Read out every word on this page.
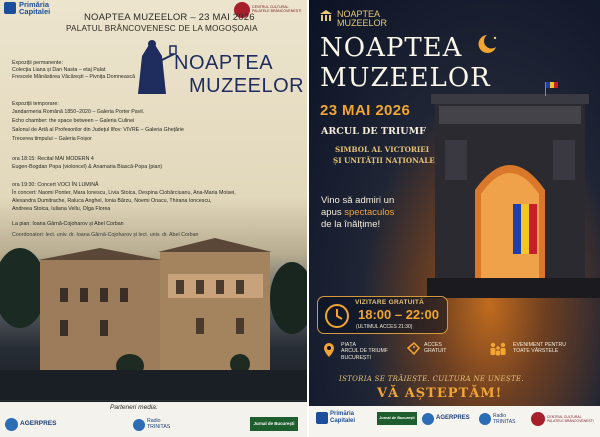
Primăria
Capitalei	CENTRUL CULTURAL PALATELE BRÂNCOVENEȘTI
NOAPTEA MUZEELOR – 23 MAI 2026
PALATUL BRÂNCOVENESC DE LA MOGOȘOAIA
NOAPTEA
MUZEELOR
Expoziții permanente:
Colecția Liana și Dan Nasta – etaj Palat
Frescele Mănăstirea Văcărești – Pivnița Domnească
Expoziții temporare:
Jandarmeria Română 1850–2020 – Galeria Porter Pavil.
Echo chamber: the space between – Galeria Culinei
Salonul de Artă al Profesorilor din Județul Ilfov: VIVRE – Galeria Ghețărie
Trecerea timpului – Galeria Foișor
ora 18:15: Recital MAI MODERN 4
Eugen-Bogdan Popa (violoncel) & Anamaria Biască-Popa (pian)
ora 19:30: Concert VOCI ÎN LUMINĂ
În concert: Naomi Ponter, Mara Ionescu, Livia Stoica, Despina Ciobărciuanu, Ana-Maria Moisei,
Alexandra Dumitrache, Raluca Anghel, Ionia Bărzu, Noemi Onacu, Thirana Ioncescu,
Andreea Stoica, Iuliana Vellu, Olga Florea
La pian: Ioana Gârnă-Cojoharov și Abel Corban
Coordonatori: lect. univ. dr. Ioana Gârnă-Cojoharov și lect. univ. dr. Abel Corban
Parteneri media:
AGERPRES	Radio
TRINITAS
Jurnal de București
NOAPTEA
MUZEELOR
NOAPTEA
MUZEELOR
23 MAI 2026
ARCUL DE TRIUMF
SIMBOL AL VICTORIEI
ȘI UNITĂȚII NAȚIONALE
Vino să admiri un
apus spectaculos
de la înălțime!
VIZITARE GRATUITĂ
18:00 – 22:00
(ULTIMUL ACCES 21:30)
PIAȚA
ARCUL DE TRIUMF
BUCUREȘTI
ACCES
GRATUIT
EVENIMENT PENTRU
TOATE VÂRSTELE
ISTORIA SE TRĂIEȘTE. CULTURA NE UNEȘTE.
VĂ AȘTEPTĂM!
Primăria
Capitalei	Jurnal de București	AGERPRES	Radio
TRINITAS
CENTRUL CULTURAL PALATELE BRÂNCOVENEȘTI
